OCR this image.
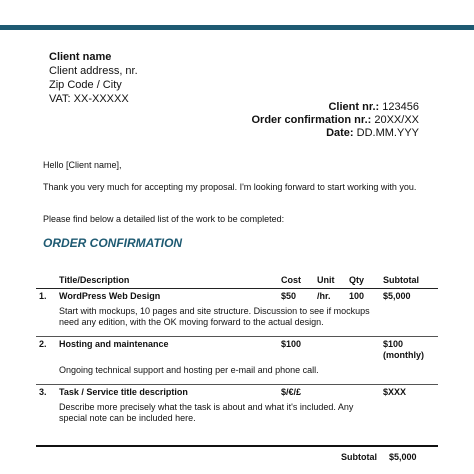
Client name
Client address, nr.
Zip Code / City
VAT: XX-XXXXX
Client nr.: 123456
Order confirmation nr.: 20XX/XX
Date: DD.MM.YYY
Hello [Client name],
Thank you very much for accepting my proposal. I'm looking forward to start working with you.
Please find below a detailed list of the work to be completed:
ORDER CONFIRMATION
	Title/Description	Cost	Unit	Qty	Subtotal
1.	WordPress Web Design	$50	/hr.	100	$5,000
	Start with mockups, 10 pages and site structure. Discussion to see if mockups need any edition, with the OK moving forward to the actual design.				

2.	Hosting and maintenance	$100			$100 (monthly)
	Ongoing technical support and hosting per e-mail and phone call.				

3.	Task / Service title description	$/€/£			$XXX
	Describe more precisely what the task is about and what it's included. Any special note can be included here.				
Subtotal $5,000
